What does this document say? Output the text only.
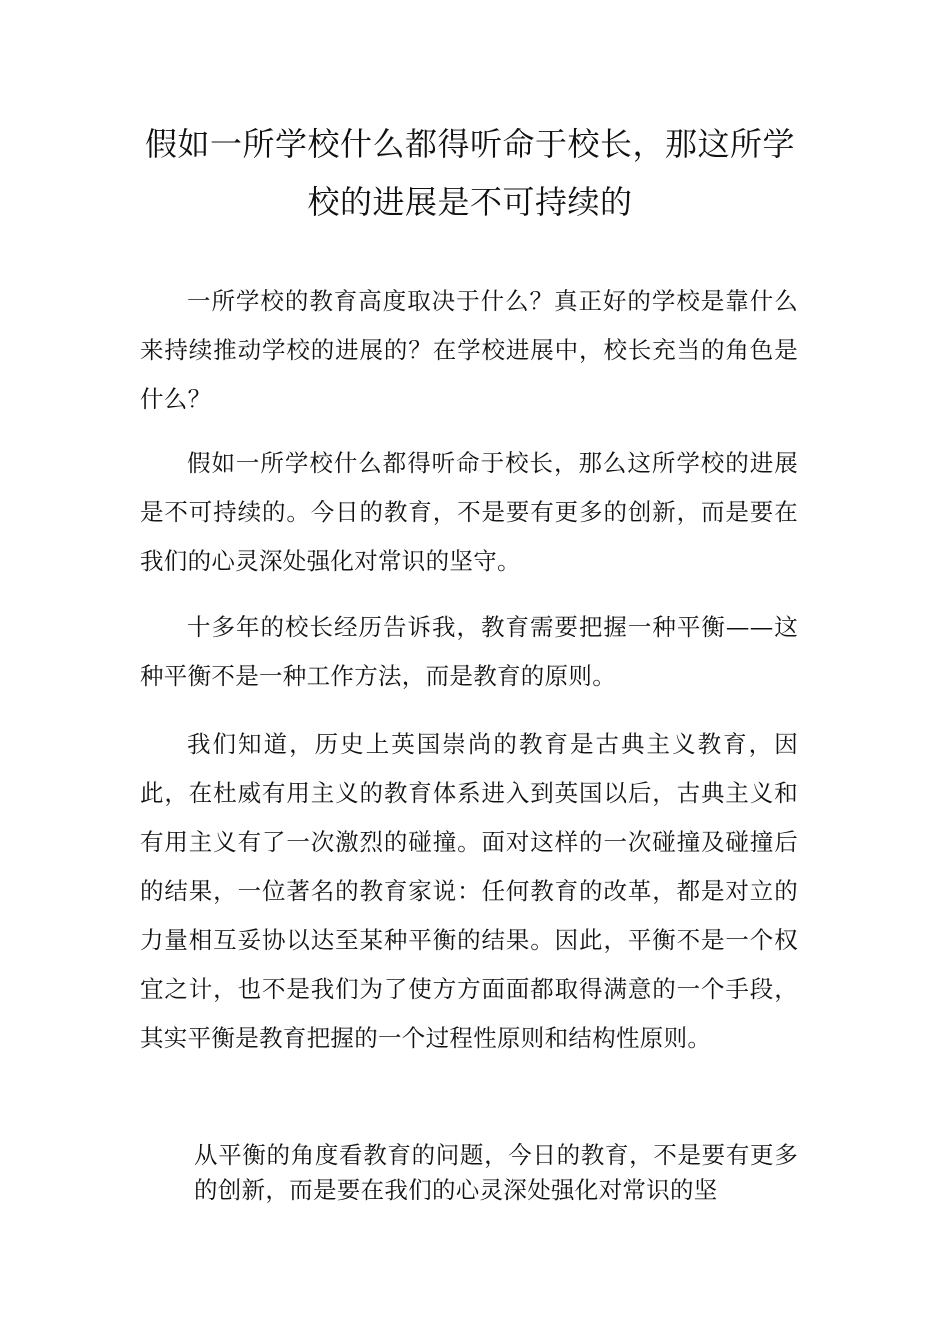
假如一所学校什么都得听命于校长，那这所学校的进展是不可持续的

一所学校的教育高度取决于什么？真正好的学校是靠什么来持续推动学校的进展的？在学校进展中，校长充当的角色是什么？

假如一所学校什么都得听命于校长，那么这所学校的进展是不可持续的。今日的教育，不是要有更多的创新，而是要在我们的心灵深处强化对常识的坚守。

十多年的校长经历告诉我，教育需要把握一种平衡——这种平衡不是一种工作方法，而是教育的原则。

我们知道，历史上英国崇尚的教育是古典主义教育，因此，在杜威有用主义的教育体系进入到英国以后，古典主义和有用主义有了一次激烈的碰撞。面对这样的一次碰撞及碰撞后的结果，一位著名的教育家说：任何教育的改革，都是对立的力量相互妥协以达至某种平衡的结果。因此，平衡不是一个权宜之计，也不是我们为了使方方面面都取得满意的一个手段，其实平衡是教育把握的一个过程性原则和结构性原则。

从平衡的角度看教育的问题，今日的教育，不是要有更多的创新，而是要在我们的心灵深处强化对常识的坚
